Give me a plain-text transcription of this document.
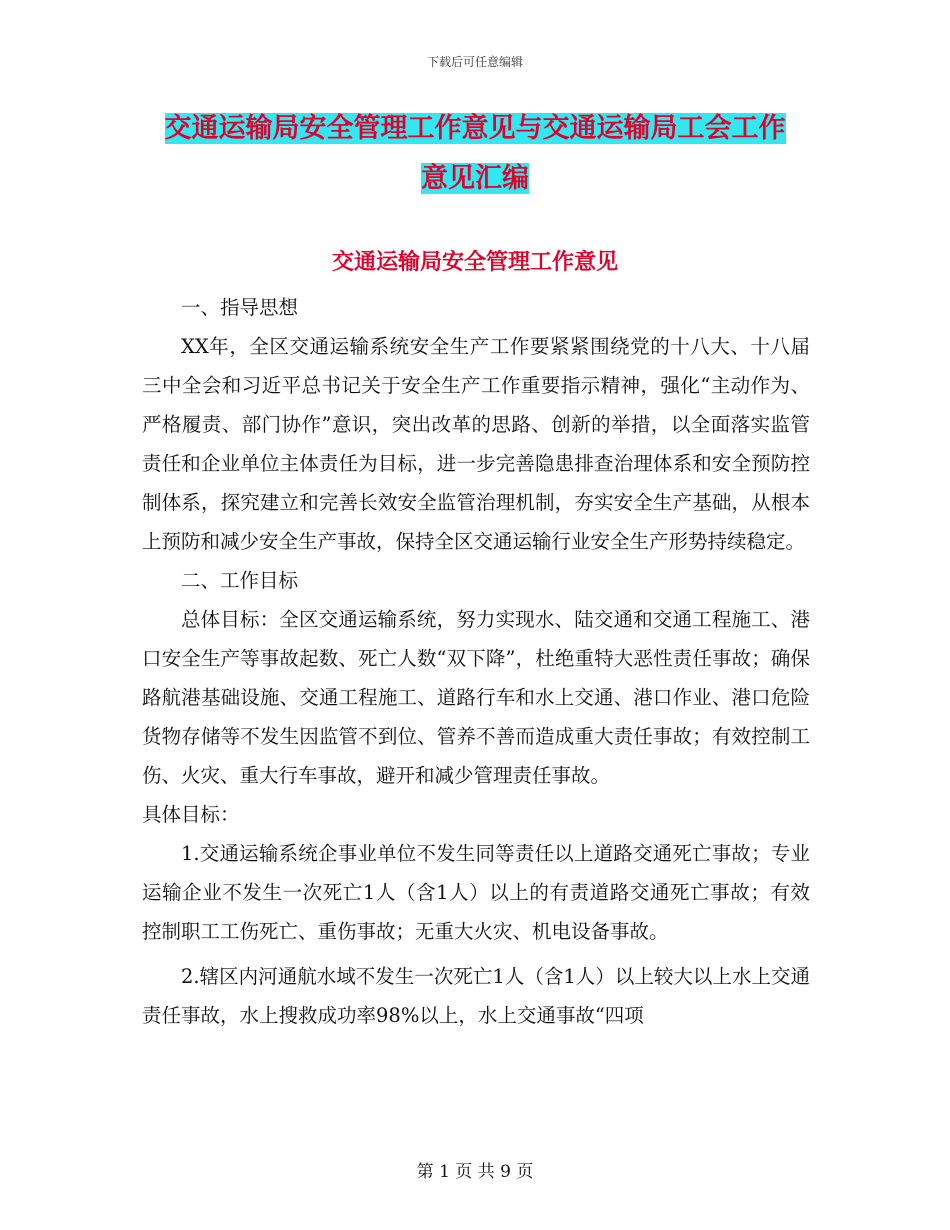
下载后可任意编辑
交通运输局安全管理工作意见与交通运输局工会工作
意见汇编
交通运输局安全管理工作意见

一、指导思想

XX年，全区交通运输系统安全生产工作要紧紧围绕党的十八大、十八届三中全会和习近平总书记关于安全生产工作重要指示精神，强化“主动作为、严格履责、部门协作”意识，突出改革的思路、创新的举措，以全面落实监管责任和企业单位主体责任为目标，进一步完善隐患排查治理体系和安全预防控制体系，探究建立和完善长效安全监管治理机制，夯实安全生产基础，从根本上预防和减少安全生产事故，保持全区交通运输行业安全生产形势持续稳定。

二、工作目标

总体目标：全区交通运输系统，努力实现水、陆交通和交通工程施工、港口安全生产等事故起数、死亡人数“双下降”，杜绝重特大恶性责任事故；确保路航港基础设施、交通工程施工、道路行车和水上交通、港口作业、港口危险货物存储等不发生因监管不到位、管养不善而造成重大责任事故；有效控制工伤、火灾、重大行车事故，避开和减少管理责任事故。

具体目标：

1.交通运输系统企事业单位不发生同等责任以上道路交通死亡事故；专业运输企业不发生一次死亡1人（含1人）以上的有责道路交通死亡事故；有效控制职工工伤死亡、重伤事故；无重大火灾、机电设备事故。

2.辖区内河通航水域不发生一次死亡1人（含1人）以上较大以上水上交通责任事故，水上搜救成功率98%以上，水上交通事故“四项

第 1 页 共 9 页
